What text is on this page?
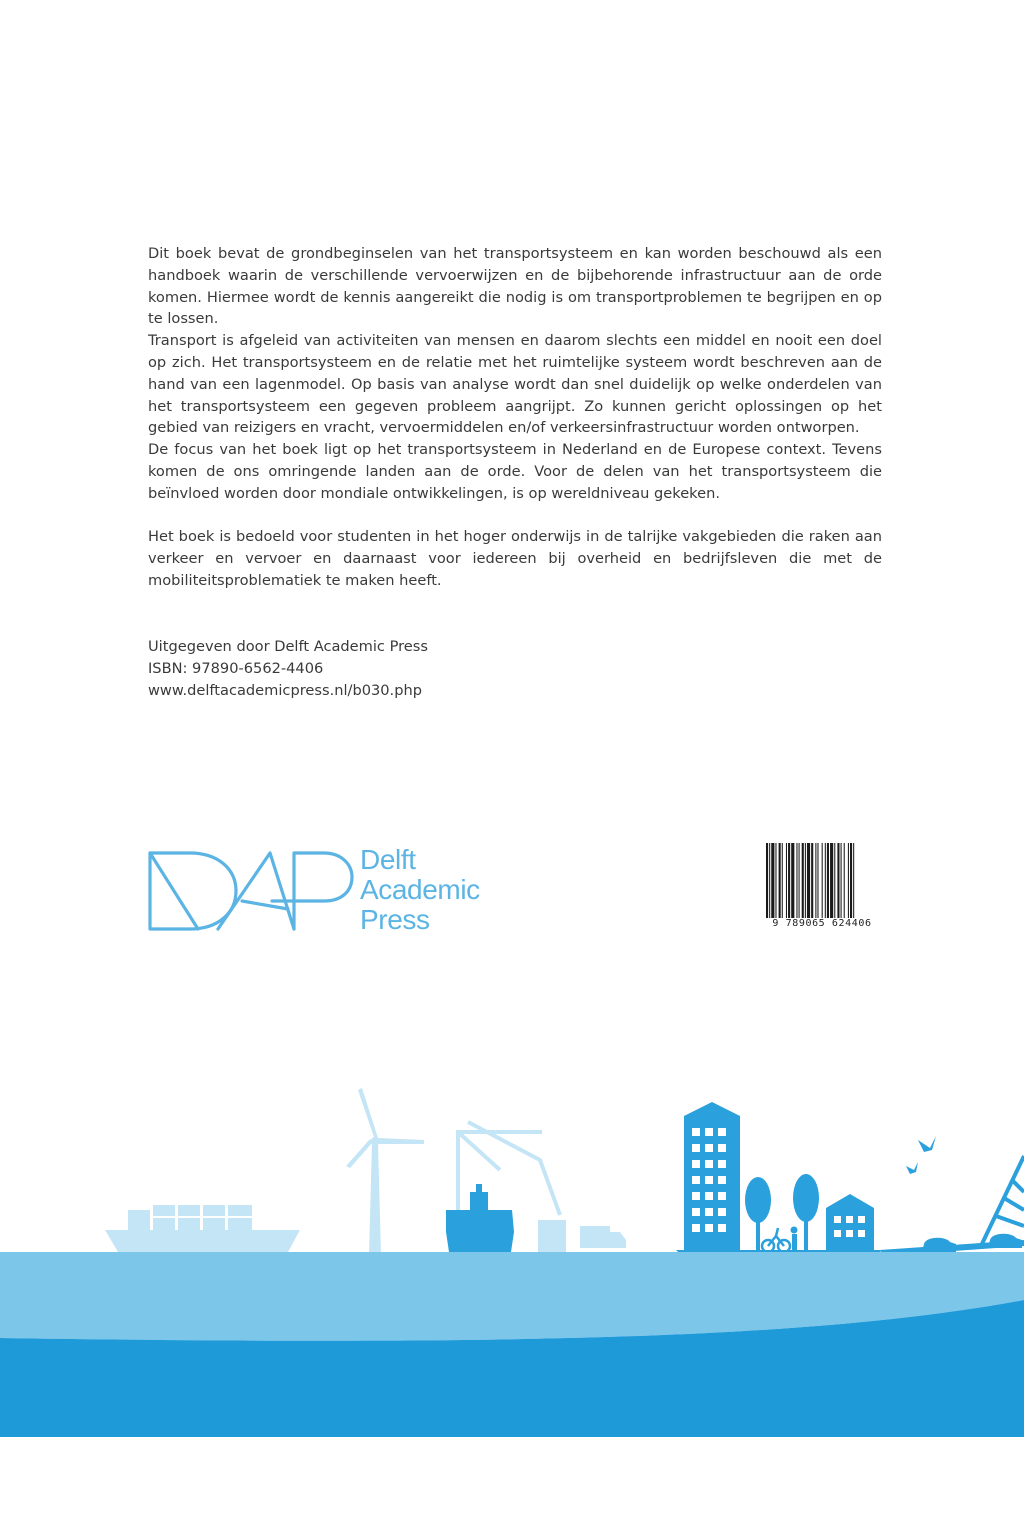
Dit boek bevat de grondbeginselen van het transportsysteem en kan worden beschouwd als een handboek waarin de verschillende vervoerwijzen en de bijbehorende infrastructuur aan de orde komen. Hiermee wordt de kennis aangereikt die nodig is om transportproblemen te begrijpen en op te lossen.

Transport is afgeleid van activiteiten van mensen en daarom slechts een middel en nooit een doel op zich. Het transportsysteem en de relatie met het ruimtelijke systeem wordt beschreven aan de hand van een lagenmodel. Op basis van analyse wordt dan snel duidelijk op welke onderdelen van het transportsysteem een gegeven probleem aangrijpt. Zo kunnen gericht oplossingen op het gebied van reizigers en vracht, vervoermiddelen en/of verkeersinfrastructuur worden ontworpen.

De focus van het boek ligt op het transportsysteem in Nederland en de Europese context. Tevens komen de ons omringende landen aan de orde. Voor de delen van het transportsysteem die beïnvloed worden door mondiale ontwikkelingen, is op wereldniveau gekeken.

Het boek is bedoeld voor studenten in het hoger onderwijs in de talrijke vakgebieden die raken aan verkeer en vervoer en daarnaast voor iedereen bij overheid en bedrijfsleven die met de mobiliteitsproblematiek te maken heeft.

Uitgegeven door Delft Academic Press
ISBN: 97890-6562-4406
www.delftacademicpress.nl/b030.php
Delft
Academic
Press	9 789065 624406
